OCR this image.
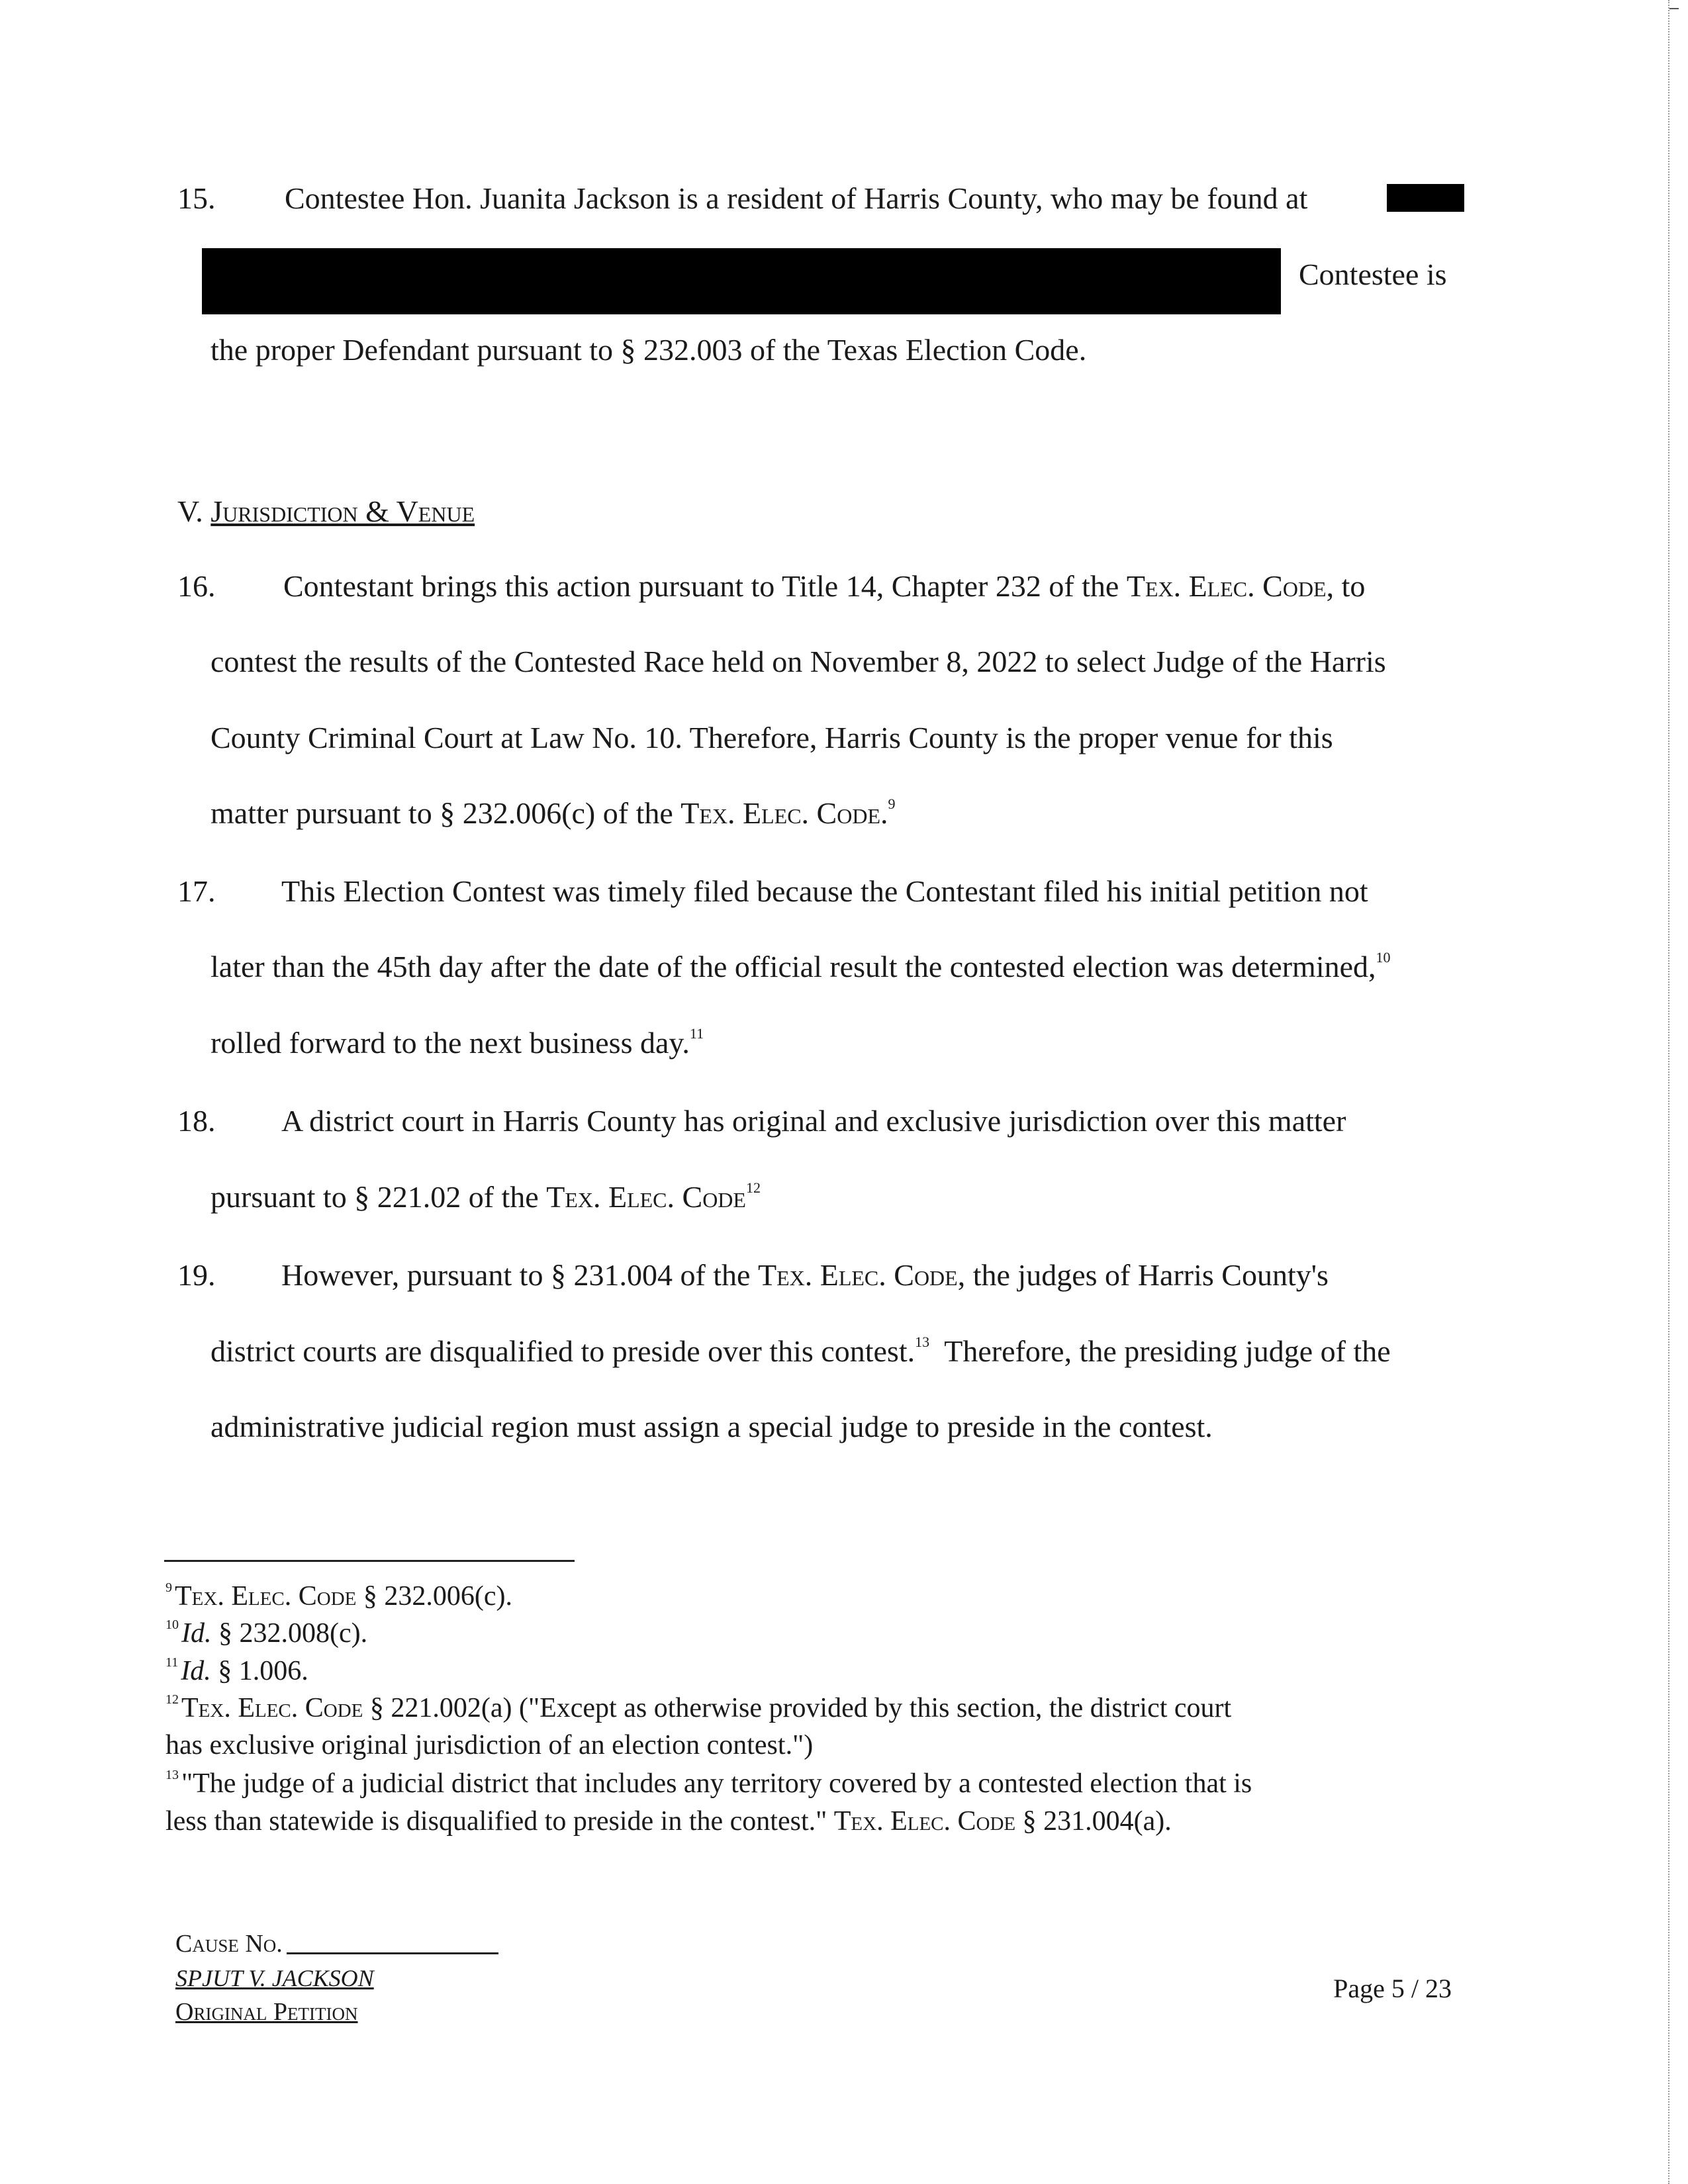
15. Contestee Hon. Juanita Jackson is a resident of Harris County, who may be found at
Contestee is
the proper Defendant pursuant to § 232.003 of the Texas Election Code.
V. Jurisdiction & Venue
16. Contestant brings this action pursuant to Title 14, Chapter 232 of the Tex. Elec. Code, to
contest the results of the Contested Race held on November 8, 2022 to select Judge of the Harris
County Criminal Court at Law No. 10. Therefore, Harris County is the proper venue for this
matter pursuant to § 232.006(c) of the Tex. Elec. Code.$^9$
17. This Election Contest was timely filed because the Contestant filed his initial petition not
later than the 45th day after the date of the official result the contested election was determined,$^{10}$
rolled forward to the next business day.$^{11}$
18. A district court in Harris County has original and exclusive jurisdiction over this matter
pursuant to § 221.02 of the Tex. Elec. Code$^{12}$
19. However, pursuant to § 231.004 of the Tex. Elec. Code, the judges of Harris County's
district courts are disqualified to preside over this contest.$^{13}$ Therefore, the presiding judge of the
administrative judicial region must assign a special judge to preside in the contest.
$^9$Tex. Elec. Code § 232.006(c).
$^{10}$Id. § 232.008(c).
$^{11}$Id. § 1.006.
$^{12}$Tex. Elec. Code § 221.002(a) ("Except as otherwise provided by this section, the district court
has exclusive original jurisdiction of an election contest.")
$^{13}$"The judge of a judicial district that includes any territory covered by a contested election that is
less than statewide is disqualified to preside in the contest." Tex. Elec. Code § 231.004(a).
Cause No.
SPJUT V. JACKSON
Original Petition
Page 5 / 23
